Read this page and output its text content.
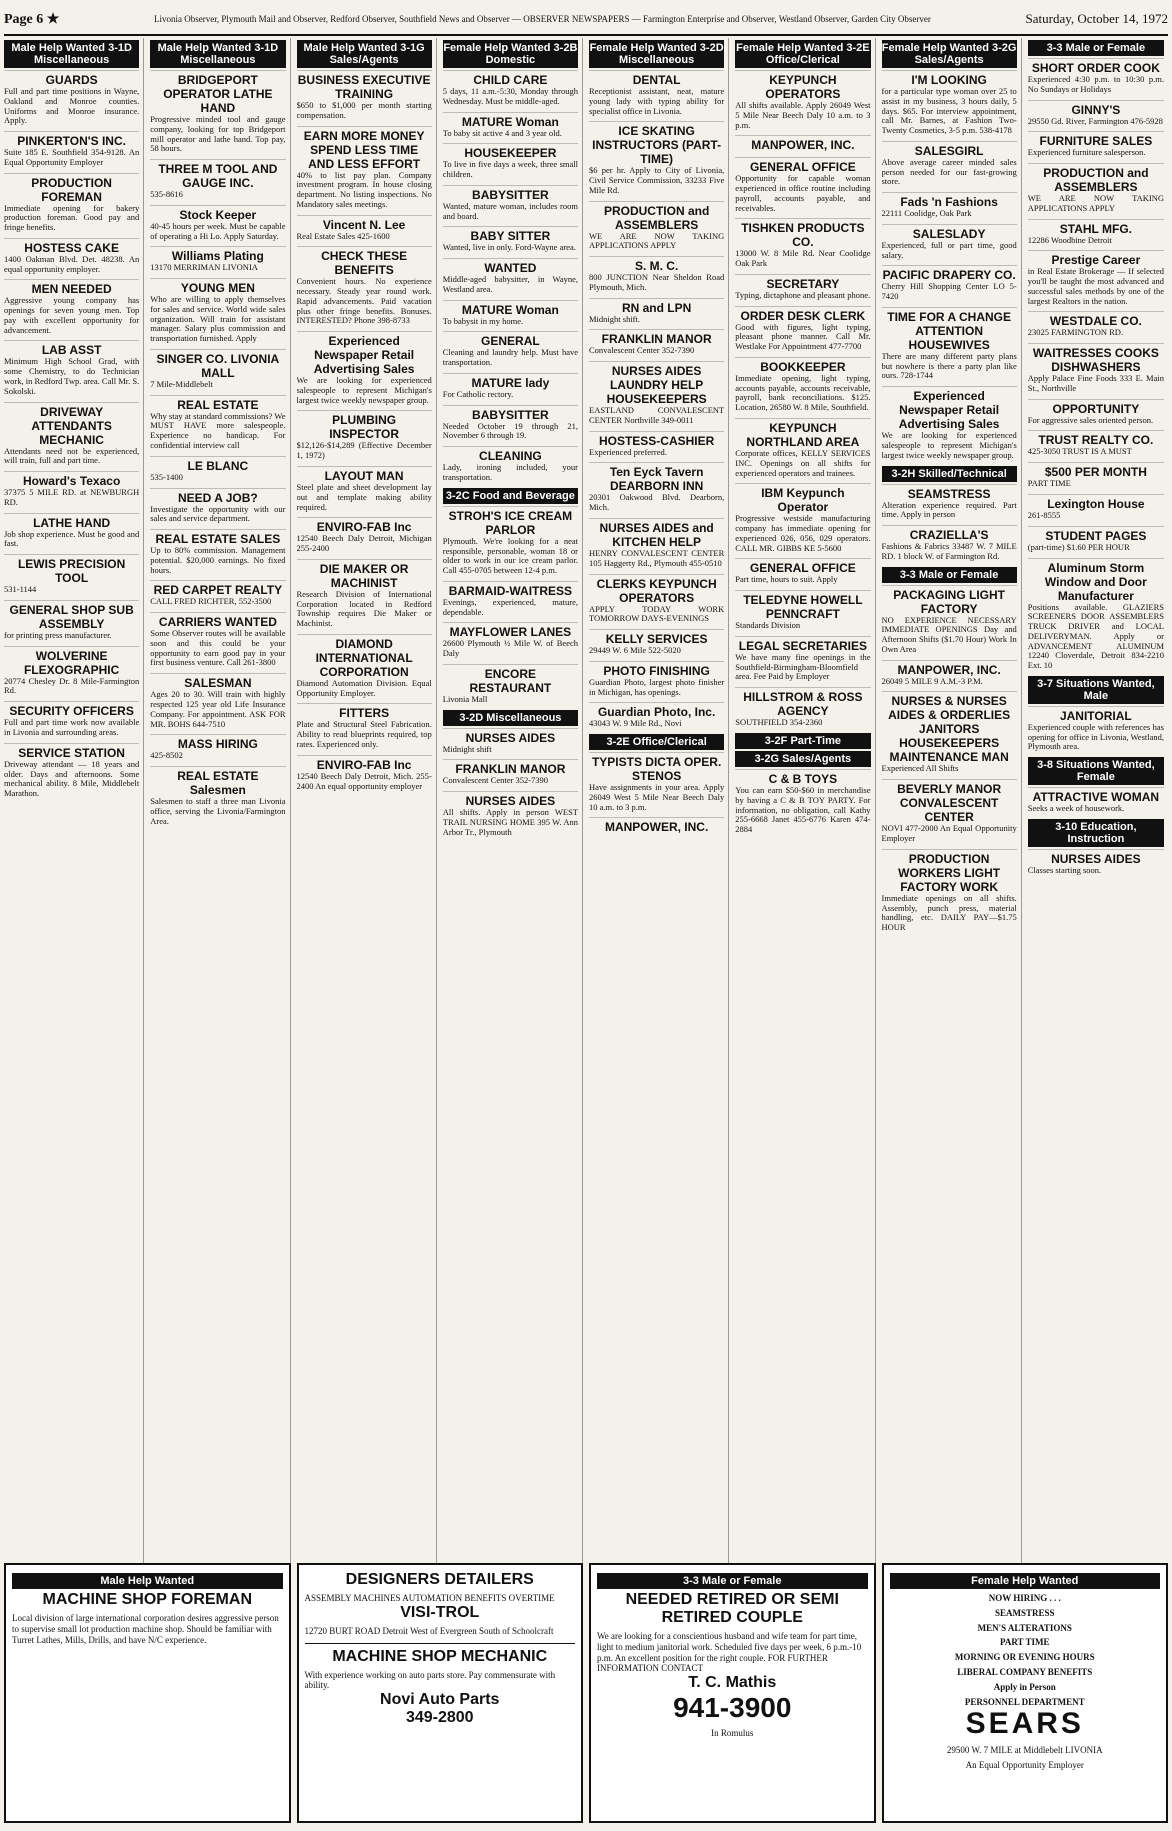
Page 6 ★	Livonia Observer, Plymouth Mail and Observer, Redford Observer, Southfield News and Observer — OBSERVER NEWSPAPERS — Farmington Enterprise and Observer, Westland Observer, Garden City Observer	Saturday, October 14, 1972
Male Help Wanted 3-1D Miscellaneous
GUARDS
Full and part time positions in Wayne, Oakland and Monroe counties. Uniforms and Monroe insurance. Apply.
PINKERTON'S INC.
Suite 185 E. Southfield 354-9128. An Equal Opportunity Employer
PRODUCTION FOREMAN
Immediate opening for bakery production foreman. Good pay and fringe benefits.
HOSTESS CAKE
1400 Oakman Blvd. Det. 48238. An equal opportunity employer.
MEN NEEDED
Aggressive young company has openings for seven young men. Top pay with excellent opportunity for advancement.
LAB ASST
Minimum High School Grad, with some Chemistry, to do Technician work, in Redford Twp. area. Call Mr. S. Sokolski.
DRIVEWAY ATTENDANTS MECHANIC
Attendants need not be experienced, will train, full and part time.
Howard's Texaco
37375 5 MILE RD. at NEWBURGH RD.
LATHE HAND
Job shop experience. Must be good and fast.
LEWIS PRECISION TOOL
531-1144
GENERAL SHOP SUB ASSEMBLY
for printing press manufacturer.
WOLVERINE FLEXOGRAPHIC
20774 Chesley Dr. 8 Mile-Farmington Rd.
SECURITY OFFICERS
Full and part time work now available in Livonia and surrounding areas.
SERVICE STATION
Driveway attendant — 18 years and older. Days and afternoons. Some mechanical ability. 8 Mile, Middlebelt Marathon.
Male Help Wanted 3-1D Miscellaneous
BRIDGEPORT OPERATOR LATHE HAND
Progressive minded tool and gauge company, looking for top Bridgeport mill operator and lathe hand. Top pay, 58 hours.
THREE M TOOL AND GAUGE INC.
535-8616
Stock Keeper
40-45 hours per week. Must be capable of operating a Hi Lo. Apply Saturday.
Williams Plating
13170 MERRIMAN LIVONIA
YOUNG MEN
Who are willing to apply themselves for sales and service. World wide sales organization. Will train for assistant manager. Salary plus commission and transportation furnished. Apply
SINGER CO. LIVONIA MALL
7 Mile-Middlebelt
REAL ESTATE
Why stay at standard commissions? We MUST HAVE more salespeople. Experience no handicap. For confidential interview call
LE BLANC
535-1400
NEED A JOB?
Investigate the opportunity with our sales and service department.
REAL ESTATE SALES
Up to 80% commission. Management potential. $20,000 earnings. No fixed hours.
RED CARPET REALTY
CALL FRED RICHTER, 552-3500
CARRIERS WANTED
Some Observer routes will be available soon and this could be your opportunity to earn good pay in your first business venture. Call 261-3800
SALESMAN
Ages 20 to 30. Will train with highly respected 125 year old Life Insurance Company. For appointment. ASK FOR MR. BOHS 644-7510
MASS HIRING
425-8502
REAL ESTATE Salesmen
Salesmen to staff a three man Livonia office, serving the Livonia/Farmington Area.
Male Help Wanted 3-1G Sales/Agents
BUSINESS EXECUTIVE TRAINING
$650 to $1,000 per month starting compensation.
EARN MORE MONEY SPEND LESS TIME AND LESS EFFORT
40% to list pay plan. Company investment program. In house closing department. No listing inspections. No Mandatory sales meetings.
Vincent N. Lee
Real Estate Sales 425-1600
CHECK THESE BENEFITS
Convenient hours. No experience necessary. Steady year round work. Rapid advancements. Paid vacation plus other fringe benefits. Bonuses. INTERESTED? Phone 398-8733
Experienced Newspaper Retail Advertising Sales
We are looking for experienced salespeople to represent Michigan's largest twice weekly newspaper group.
PLUMBING INSPECTOR
$12,126-$14,289 (Effective December 1, 1972)
LAYOUT MAN
Steel plate and sheet development lay out and template making ability required.
ENVIRO-FAB Inc
12540 Beech Daly Detroit, Michigan 255-2400
DIE MAKER OR MACHINIST
Research Division of International Corporation located in Redford Township requires Die Maker or Machinist.
DIAMOND INTERNATIONAL CORPORATION
Diamond Automation Division. Equal Opportunity Employer.
FITTERS
Plate and Structural Steel Fabrication. Ability to read blueprints required, top rates. Experienced only.
ENVIRO-FAB Inc
12540 Beech Daly Detroit, Mich. 255-2400 An equal opportunity employer
Female Help Wanted 3-2B Domestic
CHILD CARE
5 days, 11 a.m.-5:30, Monday through Wednesday. Must be middle-aged.
MATURE Woman
To baby sit active 4 and 3 year old.
HOUSEKEEPER
To live in five days a week, three small children.
BABYSITTER
Wanted, mature woman, includes room and board.
BABY SITTER
Wanted, live in only. Ford-Wayne area.
WANTED
Middle-aged babysitter, in Wayne, Westland area.
MATURE Woman
To babysit in my home.
GENERAL
Cleaning and laundry help. Must have transportation.
MATURE lady
For Catholic rectory.
BABYSITTER
Needed October 19 through 21, November 6 through 19.
CLEANING
Lady, ironing included, your transportation.
3-2C Food and Beverage
STROH'S ICE CREAM PARLOR
Plymouth. We're looking for a neat responsible, personable, woman 18 or older to work in our ice cream parlor. Call 455-0705 between 12-4 p.m.
BARMAID-WAITRESS
Evenings, experienced, mature, dependable.
MAYFLOWER LANES
26600 Plymouth ½ Mile W. of Beech Daly
ENCORE RESTAURANT
Livonia Mall
3-2D Miscellaneous
NURSES AIDES
Midnight shift
FRANKLIN MANOR
Convalescent Center 352-7390
NURSES AIDES
All shifts. Apply in person WEST TRAIL NURSING HOME 395 W. Ann Arbor Tr., Plymouth
Female Help Wanted 3-2D Miscellaneous
DENTAL
Receptionist assistant, neat, mature young lady with typing ability for specialist office in Livonia.
ICE SKATING INSTRUCTORS (PART-TIME)
$6 per hr. Apply to City of Livonia, Civil Service Commission, 33233 Five Mile Rd.
PRODUCTION and ASSEMBLERS
WE ARE NOW TAKING APPLICATIONS APPLY
S. M. C.
800 JUNCTION Near Sheldon Road Plymouth, Mich.
RN and LPN
Midnight shift.
FRANKLIN MANOR
Convalescent Center 352-7390
NURSES AIDES LAUNDRY HELP HOUSEKEEPERS
EASTLAND CONVALESCENT CENTER Northville 349-0011
HOSTESS-CASHIER
Experienced preferred.
Ten Eyck Tavern DEARBORN INN
20301 Oakwood Blvd. Dearborn, Mich.
NURSES AIDES and KITCHEN HELP
HENRY CONVALESCENT CENTER 105 Haggerty Rd., Plymouth 455-0510
CLERKS KEYPUNCH OPERATORS
APPLY TODAY WORK TOMORROW DAYS-EVENINGS
KELLY SERVICES
29449 W. 6 Mile 522-5020
PHOTO FINISHING
Guardian Photo, largest photo finisher in Michigan, has openings.
Guardian Photo, Inc.
43043 W. 9 Mile Rd., Novi
3-2E Office/Clerical
TYPISTS DICTA OPER. STENOS
Have assignments in your area. Apply 26049 West 5 Mile Near Beech Daly 10 a.m. to 3 p.m.
MANPOWER, INC.
Female Help Wanted 3-2E Office/Clerical
KEYPUNCH OPERATORS
All shifts available. Apply 26049 West 5 Mile Near Beech Daly 10 a.m. to 3 p.m.
MANPOWER, INC.
GENERAL OFFICE
Opportunity for capable woman experienced in office routine including payroll, accounts payable, and receivables.
TISHKEN PRODUCTS CO.
13000 W. 8 Mile Rd. Near Coolidge Oak Park
SECRETARY
Typing, dictaphone and pleasant phone.
ORDER DESK CLERK
Good with figures, light typing, pleasant phone manner. Call Mr. Westlake For Appointment 477-7700
BOOKKEEPER
Immediate opening, light typing, accounts payable, accounts receivable, payroll, bank reconciliations. $125. Location, 26580 W. 8 Mile, Southfield.
KEYPUNCH NORTHLAND AREA
Corporate offices, KELLY SERVICES INC. Openings on all shifts for experienced operators and trainees.
IBM Keypunch Operator
Progressive westside manufacturing company has immediate opening for experienced 026, 056, 029 operators. CALL MR. GIBBS KE 5-5600
GENERAL OFFICE
Part time, hours to suit. Apply
TELEDYNE HOWELL PENNCRAFT
Standards Division
LEGAL SECRETARIES
We have many fine openings in the Southfield-Birmingham-Bloomfield area. Fee Paid by Employer
HILLSTROM & ROSS AGENCY
SOUTHFIELD 354-2360
3-2F Part-Time
3-2G Sales/Agents
C & B TOYS
You can earn $50-$60 in merchandise by having a C & B TOY PARTY. For information, no obligation, call Kathy 255-6668 Janet 455-6776 Karen 474-2884
Female Help Wanted 3-2G Sales/Agents
I'M LOOKING
for a particular type woman over 25 to assist in my business, 3 hours daily, 5 days. $65. For interview appointment, call Mr. Barnes, at Fashion Two-Twenty Cosmetics, 3-5 p.m. 538-4178
SALESGIRL
Above average career minded sales person needed for our fast-growing store.
Fads 'n Fashions
22111 Coolidge, Oak Park
SALESLADY
Experienced, full or part time, good salary.
PACIFIC DRAPERY CO.
Cherry Hill Shopping Center LO 5-7420
TIME FOR A CHANGE ATTENTION HOUSEWIVES
There are many different party plans but nowhere is there a party plan like ours. 728-1744
Experienced Newspaper Retail Advertising Sales
We are looking for experienced salespeople to represent Michigan's largest twice weekly newspaper group.
3-2H Skilled/Technical
SEAMSTRESS
Alteration experience required. Part time. Apply in person
CRAZIELLA'S
Fashions & Fabrics 33487 W. 7 MILE RD. 1 block W. of Farmington Rd.
3-3 Male or Female
PACKAGING LIGHT FACTORY
NO EXPERIENCE NECESSARY IMMEDIATE OPENINGS Day and Afternoon Shifts ($1.70 Hour) Work In Own Area
MANPOWER, INC.
26049 5 MILE 9 A.M.-3 P.M.
NURSES & NURSES AIDES & ORDERLIES JANITORS HOUSEKEEPERS MAINTENANCE MAN
Experienced All Shifts
BEVERLY MANOR CONVALESCENT CENTER
NOVI 477-2000 An Equal Opportunity Employer
PRODUCTION WORKERS LIGHT FACTORY WORK
Immediate openings on all shifts. Assembly, punch press, material handling, etc. DAILY PAY—$1.75 HOUR
3-3 Male or Female
SHORT ORDER COOK
Experienced 4:30 p.m. to 10:30 p.m. No Sundays or Holidays
GINNY'S
29550 Gd. River, Farmington 476-5928
FURNITURE SALES
Experienced furniture salesperson.
PRODUCTION and ASSEMBLERS
WE ARE NOW TAKING APPLICATIONS APPLY
STAHL MFG.
12286 Woodbine Detroit
Prestige Career
in Real Estate Brokerage — If selected you'll be taught the most advanced and successful sales methods by one of the largest Realtors in the nation.
WESTDALE CO.
23025 FARMINGTON RD.
WAITRESSES COOKS DISHWASHERS
Apply Palace Fine Foods 333 E. Main St., Northville
OPPORTUNITY
For aggressive sales oriented person.
TRUST REALTY CO.
425-3050 TRUST IS A MUST
$500 PER MONTH
PART TIME
Lexington House
261-8555
STUDENT PAGES
(part-time) $1.60 PER HOUR
Aluminum Storm Window and Door Manufacturer
Positions available. GLAZIERS SCREENERS DOOR ASSEMBLERS TRUCK DRIVER and LOCAL DELIVERYMAN. Apply or ADVANCEMENT ALUMINUM 12240 Cloverdale, Detroit 834-2210 Ext. 10
3-7 Situations Wanted, Male
JANITORIAL
Experienced couple with references has opening for office in Livonia, Westland, Plymouth area.
3-8 Situations Wanted, Female
ATTRACTIVE WOMAN
Seeks a week of housework.
3-10 Education, Instruction
NURSES AIDES
Classes starting soon.
Male Help Wanted
MACHINE SHOP FOREMAN
Local division of large international corporation desires aggressive person to supervise small lot production machine shop. Should be familiar with Turret Lathes, Mills, Drills, and have N/C experience.
DESIGNERS DETAILERS
ASSEMBLY MACHINES AUTOMATION BENEFITS OVERTIME
VISI-TROL
12720 BURT ROAD Detroit West of Evergreen South of Schoolcraft
MACHINE SHOP MECHANIC
With experience working on auto parts store. Pay commensurate with ability.
Novi Auto Parts
349-2800
3-3 Male or Female
NEEDED RETIRED OR SEMI RETIRED COUPLE
We are looking for a conscientious husband and wife team for part time, light to medium janitorial work. Scheduled five days per week, 6 p.m.-10 p.m. An excellent position for the right couple. FOR FURTHER INFORMATION CONTACT
T. C. Mathis
941-3900
In Romulus
Female Help Wanted
NOW HIRING . . .
SEAMSTRESS
MEN'S ALTERATIONS
PART TIME
MORNING OR EVENING HOURS
LIBERAL COMPANY BENEFITS
Apply in Person
PERSONNEL DEPARTMENT
SEARS
29500 W. 7 MILE at Middlebelt LIVONIA
An Equal Opportunity Employer
